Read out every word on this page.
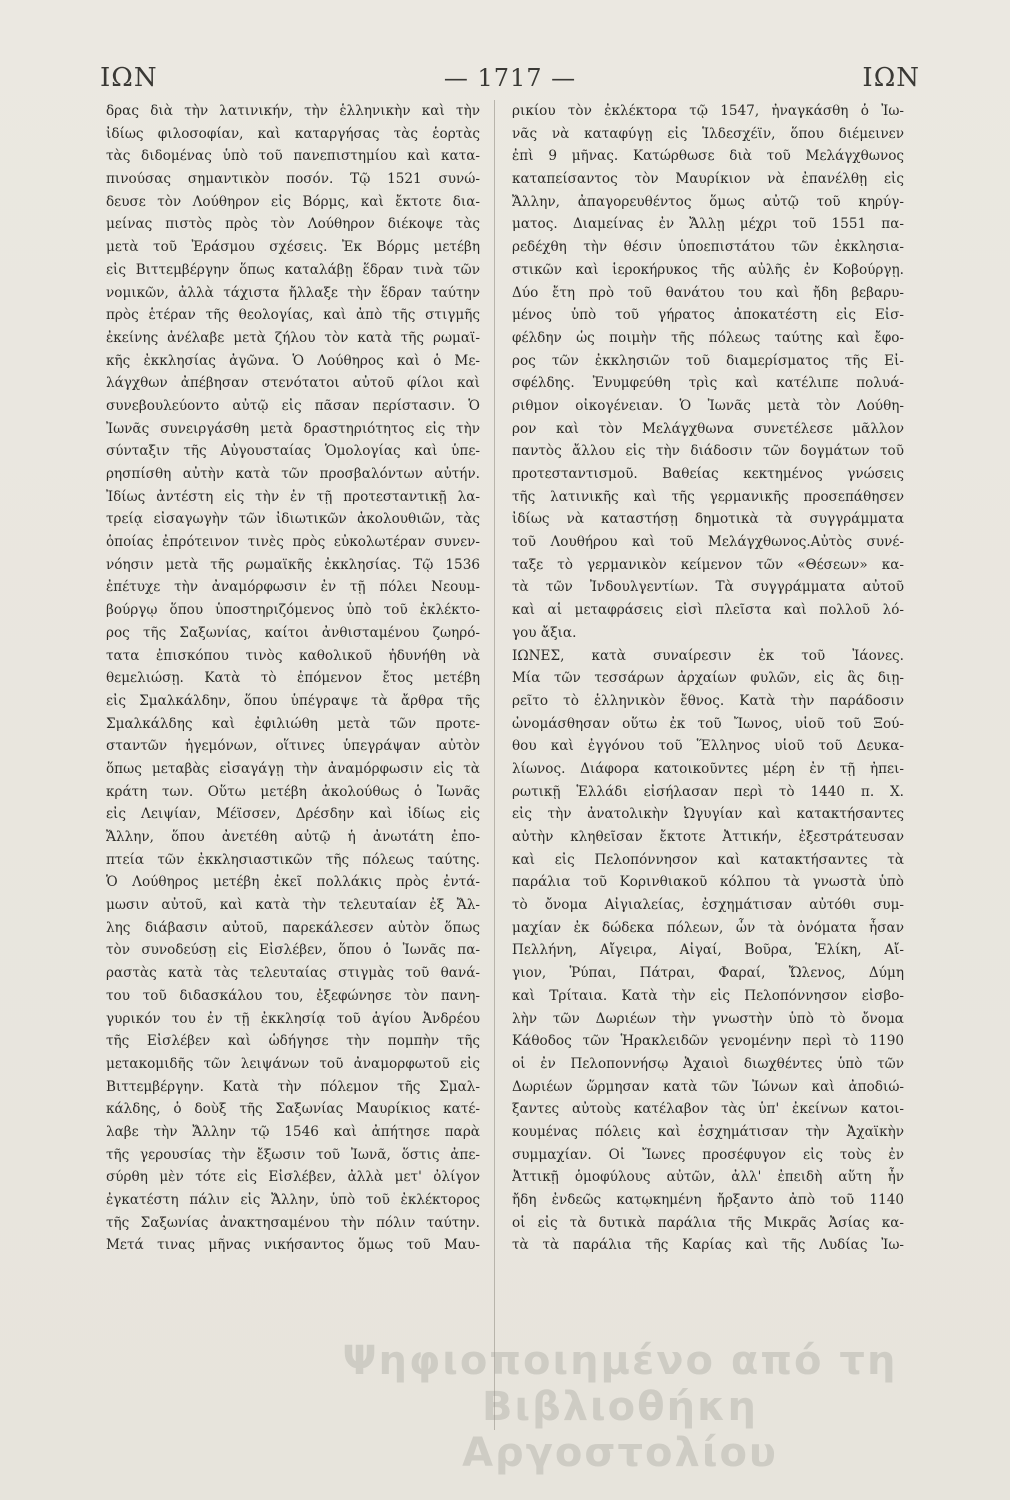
ΙΩΝ	— 1717 —	ΙΩΝ
δρας διὰ τὴν λατινικήν, τὴν ἑλληνικὴν καὶ τὴν
ἰδίως φιλοσοφίαν, καὶ καταργήσας τὰς ἑορτὰς
τὰς διδομένας ὑπὸ τοῦ πανεπιστημίου καὶ κατα-
πινούσας σημαντικὸν ποσόν. Τῷ 1521 συνώ-
δευσε τὸν Λούθηρον εἰς Βόρμς, καὶ ἔκτοτε δια-
μείνας πιστὸς πρὸς τὸν Λούθηρον διέκοψε τὰς
μετὰ τοῦ Ἐράσμου σχέσεις. Ἐκ Βόρμς μετέβη
εἰς Βιττεμβέργην ὅπως καταλάβῃ ἕδραν τινὰ τῶν
νομικῶν, ἀλλὰ τάχιστα ἤλλαξε τὴν ἕδραν ταύτην
πρὸς ἑτέραν τῆς θεολογίας, καὶ ἀπὸ τῆς στιγμῆς
ἐκείνης ἀνέλαβε μετὰ ζήλου τὸν κατὰ τῆς ρωμαϊ-
κῆς ἐκκλησίας ἀγῶνα. Ὁ Λούθηρος καὶ ὁ Με-
λάγχθων ἀπέβησαν στενότατοι αὐτοῦ φίλοι καὶ
συνεβουλεύοντο αὐτῷ εἰς πᾶσαν περίστασιν. Ὁ
Ἰωνᾶς συνειργάσθη μετὰ δραστηριότητος εἰς τὴν
σύνταξιν τῆς Αὐγουσταίας Ὁμολογίας καὶ ὑπε-
ρησπίσθη αὐτὴν κατὰ τῶν προσβαλόντων αὐτήν.
Ἰδίως ἀντέστη εἰς τὴν ἐν τῇ προτεσταντικῇ λα-
τρείᾳ εἰσαγωγὴν τῶν ἰδιωτικῶν ἀκολουθιῶν, τὰς
ὁποίας ἐπρότεινον τινὲς πρὸς εὐκολωτέραν συνεν-
νόησιν μετὰ τῆς ρωμαϊκῆς ἐκκλησίας. Τῷ 1536
ἐπέτυχε τὴν ἀναμόρφωσιν ἐν τῇ πόλει Νεουμ-
βούργῳ ὅπου ὑποστηριζόμενος ὑπὸ τοῦ ἐκλέκτο-
ρος τῆς Σαξωνίας, καίτοι ἀνθισταμένου ζωηρό-
τατα ἐπισκόπου τινὸς καθολικοῦ ἠδυνήθη νὰ
θεμελιώσῃ. Κατὰ τὸ ἐπόμενον ἔτος μετέβη
εἰς Σμαλκάλδην, ὅπου ὑπέγραψε τὰ ἄρθρα τῆς
Σμαλκάλδης καὶ ἐφιλιώθη μετὰ τῶν προτε-
σταντῶν ἡγεμόνων, οἵτινες ὑπεγράψαν αὐτὸν
ὅπως μεταβὰς εἰσαγάγῃ τὴν ἀναμόρφωσιν εἰς τὰ
κράτη των. Οὕτω μετέβη ἀκολούθως ὁ Ἰωνᾶς
εἰς Λειψίαν, Μέϊσσεν, Δρέσδην καὶ ἰδίως εἰς
Ἄλλην, ὅπου ἀνετέθη αὐτῷ ἡ ἀνωτάτη ἐπο-
πτεία τῶν ἐκκλησιαστικῶν τῆς πόλεως ταύτης.
Ὁ Λούθηρος μετέβη ἐκεῖ πολλάκις πρὸς ἐντά-
μωσιν αὐτοῦ, καὶ κατὰ τὴν τελευταίαν ἐξ Ἄλ-
λης διάβασιν αὐτοῦ, παρεκάλεσεν αὐτὸν ὅπως
τὸν συνοδεύσῃ εἰς Εἰσλέβεν, ὅπου ὁ Ἰωνᾶς πα-
ραστὰς κατὰ τὰς τελευταίας στιγμὰς τοῦ θανά-
του τοῦ διδασκάλου του, ἐξεφώνησε τὸν πανη-
γυρικόν του ἐν τῇ ἐκκλησίᾳ τοῦ ἁγίου Ἀνδρέου
τῆς Εἰσλέβεν καὶ ὡδήγησε τὴν πομπὴν τῆς
μετακομιδῆς τῶν λειψάνων τοῦ ἀναμορφωτοῦ εἰς
Βιττεμβέργην. Κατὰ τὴν πόλεμον τῆς Σμαλ-
κάλδης, ὁ δοὺξ τῆς Σαξωνίας Μαυρίκιος κατέ-
λαβε τὴν Ἄλλην τῷ 1546 καὶ ἀπήτησε παρὰ
τῆς γερουσίας τὴν ἔξωσιν τοῦ Ἰωνᾶ, ὅστις ἀπε-
σύρθη μὲν τότε εἰς Εἰσλέβεν, ἀλλὰ μετ' ὀλίγον
ἐγκατέστη πάλιν εἰς Ἄλλην, ὑπὸ τοῦ ἐκλέκτορος
τῆς Σαξωνίας ἀνακτησαμένου τὴν πόλιν ταύτην.
Μετά τινας μῆνας νικήσαντος ὅμως τοῦ Μαυ-
ρικίου τὸν ἐκλέκτορα τῷ 1547, ἠναγκάσθη ὁ Ἰω-
νᾶς νὰ καταφύγῃ εἰς Ἱλδεσχέϊν, ὅπου διέμεινεν
ἐπὶ 9 μῆνας. Κατώρθωσε διὰ τοῦ Μελάγχθωνος
καταπείσαντος τὸν Μαυρίκιον νὰ ἐπανέλθῃ εἰς
Ἄλλην, ἀπαγορευθέντος ὅμως αὐτῷ τοῦ κηρύγ-
ματος. Διαμείνας ἐν Ἄλλῃ μέχρι τοῦ 1551 πα-
ρεδέχθη τὴν θέσιν ὑποεπιστάτου τῶν ἐκκλησια-
στικῶν καὶ ἱεροκήρυκος τῆς αὐλῆς ἐν Κοβούργῃ.
Δύο ἔτη πρὸ τοῦ θανάτου του καὶ ἤδη βεβαρυ-
μένος ὑπὸ τοῦ γήρατος ἀποκατέστη εἰς Εἰσ-
φέλδην ὡς ποιμὴν τῆς πόλεως ταύτης καὶ ἔφο-
ρος τῶν ἐκκλησιῶν τοῦ διαμερίσματος τῆς Εἰ-
σφέλδης. Ἐνυμφεύθη τρὶς καὶ κατέλιπε πολυά-
ριθμον οἰκογένειαν. Ὁ Ἰωνᾶς μετὰ τὸν Λούθη-
ρον καὶ τὸν Μελάγχθωνα συνετέλεσε μᾶλλον
παντὸς ἄλλου εἰς τὴν διάδοσιν τῶν δογμάτων τοῦ
προτεσταντισμοῦ. Βαθείας κεκτημένος γνώσεις
τῆς λατινικῆς καὶ τῆς γερμανικῆς προσεπάθησεν
ἰδίως νὰ καταστήσῃ δημοτικὰ τὰ συγγράμματα
τοῦ Λουθήρου καὶ τοῦ Μελάγχθωνος.Αὐτὸς συνέ-
ταξε τὸ γερμανικὸν κείμενον τῶν «Θέσεων» κα-
τὰ τῶν Ἰνδουλγεντίων. Τὰ συγγράμματα αὐτοῦ
καὶ αἱ μεταφράσεις εἰσὶ πλεῖστα καὶ πολλοῦ λό-
γου ἄξια.
ΙΩΝΕΣ, κατὰ συναίρεσιν ἐκ τοῦ Ἰάονες.
Μία τῶν τεσσάρων ἀρχαίων φυλῶν, εἰς ἃς διῃ-
ρεῖτο τὸ ἑλληνικὸν ἔθνος. Κατὰ τὴν παράδοσιν
ὠνομάσθησαν οὕτω ἐκ τοῦ Ἴωνος, υἱοῦ τοῦ Ξού-
θου καὶ ἐγγόνου τοῦ Ἕλληνος υἱοῦ τοῦ Δευκα-
λίωνος. Διάφορα κατοικοῦντες μέρη ἐν τῇ ἠπει-
ρωτικῇ Ἑλλάδι εἰσήλασαν περὶ τὸ 1440 π. Χ.
εἰς τὴν ἀνατολικὴν Ὠγυγίαν καὶ κατακτήσαντες
αὐτὴν κληθεῖσαν ἔκτοτε Ἀττικήν, ἐξεστράτευσαν
καὶ εἰς Πελοπόννησον καὶ κατακτήσαντες τὰ
παράλια τοῦ Κορινθιακοῦ κόλπου τὰ γνωστὰ ὑπὸ
τὸ ὄνομα Αἰγιαλείας, ἐσχημάτισαν αὐτόθι συμ-
μαχίαν ἐκ δώδεκα πόλεων, ὧν τὰ ὀνόματα ἦσαν
Πελλήνη, Αἴγειρα, Αἰγαί, Βοῦρα, Ἑλίκη, Αἴ-
γιον, Ῥύπαι, Πάτραι, Φαραί, Ὤλενος, Δύμη
καὶ Τρίταια. Κατὰ τὴν εἰς Πελοπόννησον εἰσβο-
λὴν τῶν Δωριέων τὴν γνωστὴν ὑπὸ τὸ ὄνομα
Κάθοδος τῶν Ἡρακλειδῶν γενομένην περὶ τὸ 1190
οἱ ἐν Πελοποννήσῳ Ἀχαιοὶ διωχθέντες ὑπὸ τῶν
Δωριέων ὥρμησαν κατὰ τῶν Ἰώνων καὶ ἀποδιώ-
ξαντες αὐτοὺς κατέλαβον τὰς ὑπ' ἐκείνων κατοι-
κουμένας πόλεις καὶ ἐσχημάτισαν τὴν Ἀχαϊκὴν
συμμαχίαν. Οἱ Ἴωνες προσέφυγον εἰς τοὺς ἐν
Ἀττικῇ ὁμοφύλους αὐτῶν, ἀλλ' ἐπειδὴ αὕτη ἦν
ἤδη ἐνδεῶς κατῳκημένη ἤρξαντο ἀπὸ τοῦ 1140
οἱ εἰς τὰ δυτικὰ παράλια τῆς Μικρᾶς Ἀσίας κα-
τὰ τὰ παράλια τῆς Καρίας καὶ τῆς Λυδίας Ἰω-
Ψηφιοποιημένο από τη Βιβλιοθήκη
Αργοστολίου
